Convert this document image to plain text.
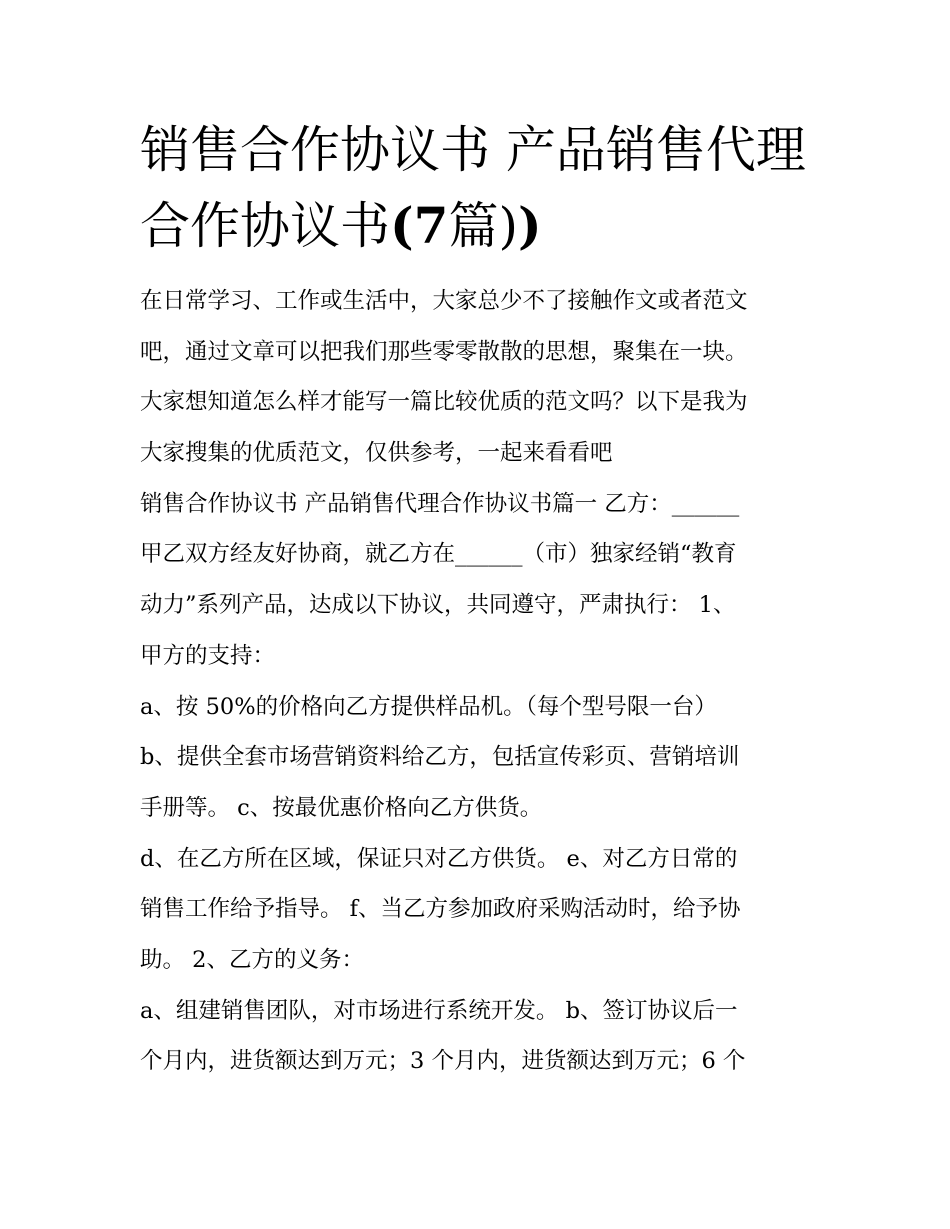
销售合作协议书 产品销售代理
合作协议书(7篇))
在日常学习、工作或生活中，大家总少不了接触作文或者范文
吧，通过文章可以把我们那些零零散散的思想，聚集在一块。
大家想知道怎么样才能写一篇比较优质的范文吗？以下是我为
大家搜集的优质范文，仅供参考，一起来看看吧
销售合作协议书 产品销售代理合作协议书篇一 乙方：______
甲乙双方经友好协商，就乙方在______（市）独家经销“教育
动力”系列产品，达成以下协议，共同遵守，严肃执行： 1、
甲方的支持：
a、按 50%的价格向乙方提供样品机。（每个型号限一台）
b、提供全套市场营销资料给乙方，包括宣传彩页、营销培训
手册等。 c、按最优惠价格向乙方供货。
d、在乙方所在区域，保证只对乙方供货。 e、对乙方日常的
销售工作给予指导。 f、当乙方参加政府采购活动时，给予协
助。 2、乙方的义务：
a、组建销售团队，对市场进行系统开发。 b、签订协议后一
个月内，进货额达到万元；3 个月内，进货额达到万元；6 个
